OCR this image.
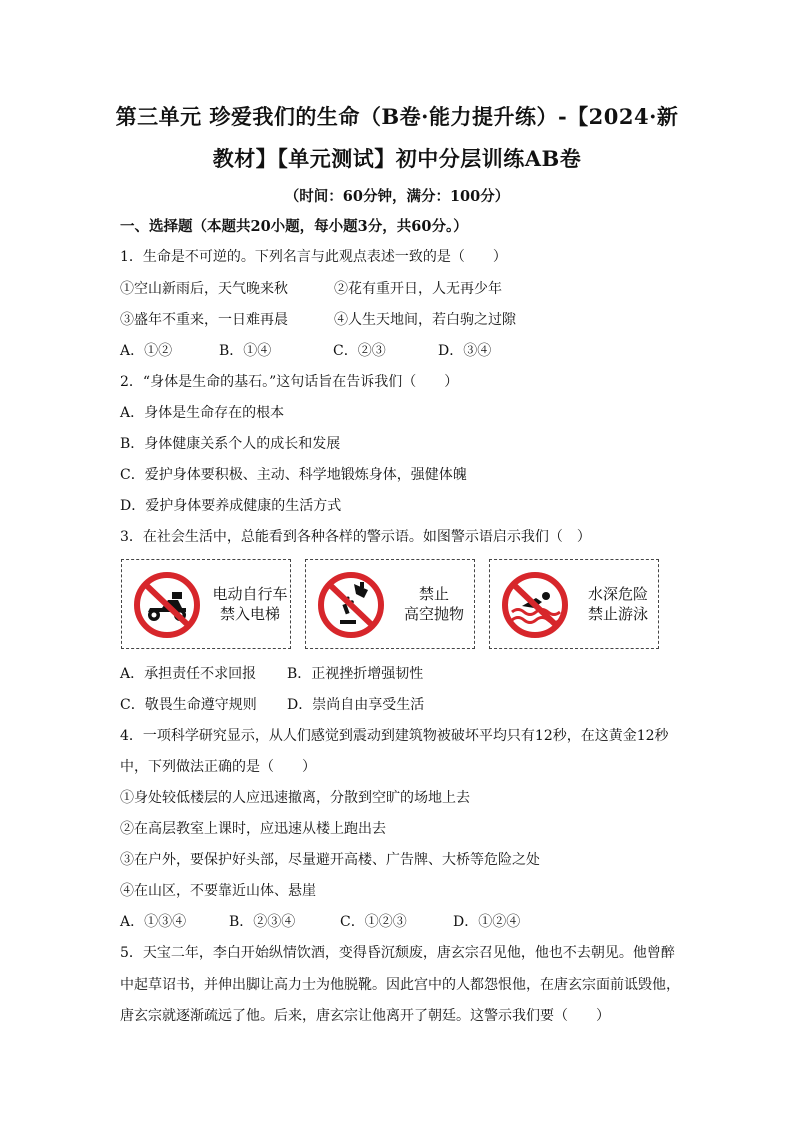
第三单元 珍爱我们的生命（B卷·能力提升练）-【2024·新
教材】【单元测试】初中分层训练AB卷
（时间：60分钟，满分：100分）
一、选择题（本题共20小题，每小题3分，共60分。）
1．生命是不可逆的。下列名言与此观点表述一致的是（　　）
①空山新雨后，天气晚来秋	②花有重开日，人无再少年
③盛年不重来，一日难再晨	④人生天地间，若白驹之过隙
A．①②	B．①④	C．②③	D．③④
2．“身体是生命的基石。”这句话旨在告诉我们（　　）
A．身体是生命存在的根本
B．身体健康关系个人的成长和发展
C．爱护身体要积极、主动、科学地锻炼身体，强健体魄
D．爱护身体要养成健康的生活方式
3．在社会生活中，总能看到各种各样的警示语。如图警示语启示我们（　）
电动自行车
禁入电梯
禁止
高空抛物
水深危险
禁止游泳
A．承担责任不求回报 B．正视挫折增强韧性
C．敬畏生命遵守规则 D．崇尚自由享受生活
4．一项科学研究显示，从人们感觉到震动到建筑物被破坏平均只有12秒，在这黄金12秒
中，下列做法正确的是（　　）
①身处较低楼层的人应迅速撤离，分散到空旷的场地上去
②在高层教室上课时，应迅速从楼上跑出去
③在户外，要保护好头部，尽量避开高楼、广告牌、大桥等危险之处
④在山区，不要靠近山体、悬崖
A．①③④	B．②③④	C．①②③	D．①②④
5．天宝二年，李白开始纵情饮酒，变得昏沉颓废，唐玄宗召见他，他也不去朝见。他曾醉
中起草诏书，并伸出脚让高力士为他脱靴。因此宫中的人都怨恨他，在唐玄宗面前诋毁他，
唐玄宗就逐渐疏远了他。后来，唐玄宗让他离开了朝廷。这警示我们要（　　）
